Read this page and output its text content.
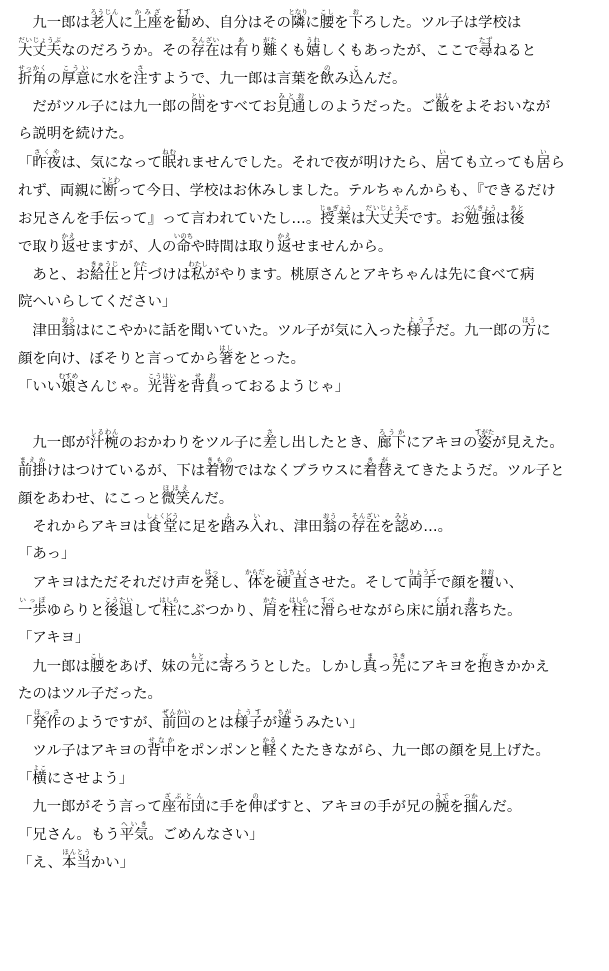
　九一郎は老人ろうじんに上座かみざを勧すすめ、自分はその隣となりに腰こしを下おろした。ツル子は学校は
大丈夫だいじょうぶなのだろうか。その存在そんざいは有あり難がたくも嬉うれしくもあったが、ここで尋たずねると
折角せっかくの厚意こういに水を注さすようで、九一郎は言葉を飲のみ込こんだ。
　だがツル子には九一郎の問といをすべてお見通みとおしのようだった。ご飯はんをよそおいなが
ら説明を続けた。
「昨夜さくやは、気になって眠ねむれませんでした。それで夜が明けたら、居いても立っても居いら
れず、両親に断ことわって今日、学校はお休みしました。テルちゃんからも、『できるだけ
お兄さんを手伝って』って言われていたし…。授業じゅぎょうは大丈夫だいじょうぶです。お勉強べんきょうは後あと
で取り返かえせますが、人の命いのちや時間は取り返かえせませんから。
　あと、お給仕きゅうじと片かたづけは私わたしがやります。桃原さんとアキちゃんは先に食べて病
院へいらしてください」
　津田翁おうはにこやかに話を聞いていた。ツル子が気に入った様子ようすだ。九一郎の方ほうに
顔を向け、ぼそりと言ってから箸はしをとった。
「いい娘むすめさんじゃ。光背こうはいを背負せおっておるようじゃ」
　九一郎が汁椀しるわんのおかわりをツル子に差さし出したとき、廊下ろうかにアキヨの姿すがたが見えた。
前掛まえかけはつけているが、下は着物きものではなくブラウスに着替きがえてきたようだ。ツル子と
顔をあわせ、にこっと微笑ほほえんだ。
　それからアキヨは食堂しょくどうに足を踏ふみ入いれ、津田翁おうの存在そんざいを認みとめ…。
「あっ」
　アキヨはただそれだけ声を発はっし、体からだを硬直こうちょくさせた。そして両手りょうてで顔を覆おおい、
一歩いっぽゆらりと後退こうたいして柱はしらにぶつかり、肩かたを柱はしらに滑すべらせながら床に崩くずれ落おちた。
「アキヨ」
　九一郎は腰こしをあげ、妹の元もとに寄よろうとした。しかし真まっ先さきにアキヨを抱だきかかえ
たのはツル子だった。
「発作ほっさのようですが、前回ぜんかいのとは様子ようすが違ちがうみたい」
　ツル子はアキヨの背中せなかをポンポンと軽かるくたたきながら、九一郎の顔を見上げた。
「横よこにさせよう」
　九一郎がそう言って座布団ざぶとんに手を伸のばすと、アキヨの手が兄の腕うでを掴つかんだ。
「兄さん。もう平気へいき。ごめんなさい」
「え、本当ほんとうかい」
